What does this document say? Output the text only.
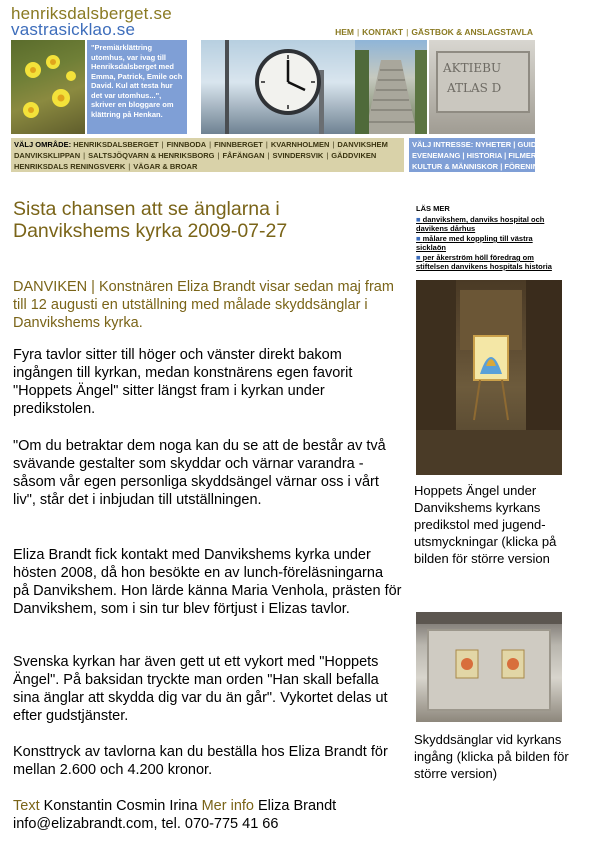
henriksdalsberget.se
vastrasicklao.se	HEM | KONTAKT | GÄSTBOK & ANSLAGSTAVLA
"Premiärklättring utomhus, var ivag till Henriksdalsberget med Emma, Patrick, Emile och David. Kul att testa hur det var utomhus...", skriver en bloggare om klättring på Henkan.
AKTIEBU
ATLAS D
VÄLJ OMRÅDE: HENRIKSDALSBERGET | FINNBODA | FINNBERGET | KVARNHOLMEN | DANVIKSHEM
DANVIKSKLIPPAN | SALTSJÖQVARN & HENRIKSBORG | FÅFÄNGAN | SVINDERSVIK | GÄDDVIKEN
HENRIKSDALS RENINGSVERK | VÄGAR & BROAR
VÄLJ INTRESSE: NYHETER | GUIDE
EVENEMANG | HISTORIA | FILMER
KULTUR & MÄNNISKOR | FÖRENINGAR
Sista chansen att se änglarna i Danvikshems kyrka 2009-07-27

DANVIKEN | Konstnären Eliza Brandt visar sedan maj fram till 12 augusti en utställning med målade skyddsänglar i Danvikshems kyrka.

Fyra tavlor sitter till höger och vänster direkt bakom ingången till kyrkan, medan konstnärens egen favorit "Hoppets Ängel" sitter längst fram i kyrkan under predikstolen.

"Om du betraktar dem noga kan du se att de består av två svävande gestalter som skyddar och värnar varandra - såsom vår egen personliga skyddsängel värnar oss i vårt liv", står det i inbjudan till utställningen.

Eliza Brandt fick kontakt med Danvikshems kyrka under hösten 2008, då hon besökte en av lunch-föreläsningarna på Danvikshem. Hon lärde känna Maria Venhola, prästen för Danvikshem, som i sin tur blev förtjust i Elizas tavlor.

Svenska kyrkan har även gett ut ett vykort med "Hoppets Ängel". På baksidan tryckte man orden "Han skall befalla sina änglar att skydda dig var du än går". Vykortet delas ut efter gudstjänster.

Konsttryck av tavlorna kan du beställa hos Eliza Brandt för mellan 2.600 och 4.200 kronor.

Text Konstantin Cosmin Irina Mer info Eliza Brandt info@elizabrandt.com, tel. 070-775 41 66

LÄS MER
■ danvikshem, danviks hospital och davikens dårhus
■ målare med koppling till västra sicklaön
■ per åkerström höll föredrag om stiftelsen danvikens hospitals historia

Hoppets Ängel under Danvikshems kyrkans predikstol med jugend-utsmyckningar (klicka på bilden för större version

Skyddsänglar vid kyrkans ingång (klicka på bilden för större version)
